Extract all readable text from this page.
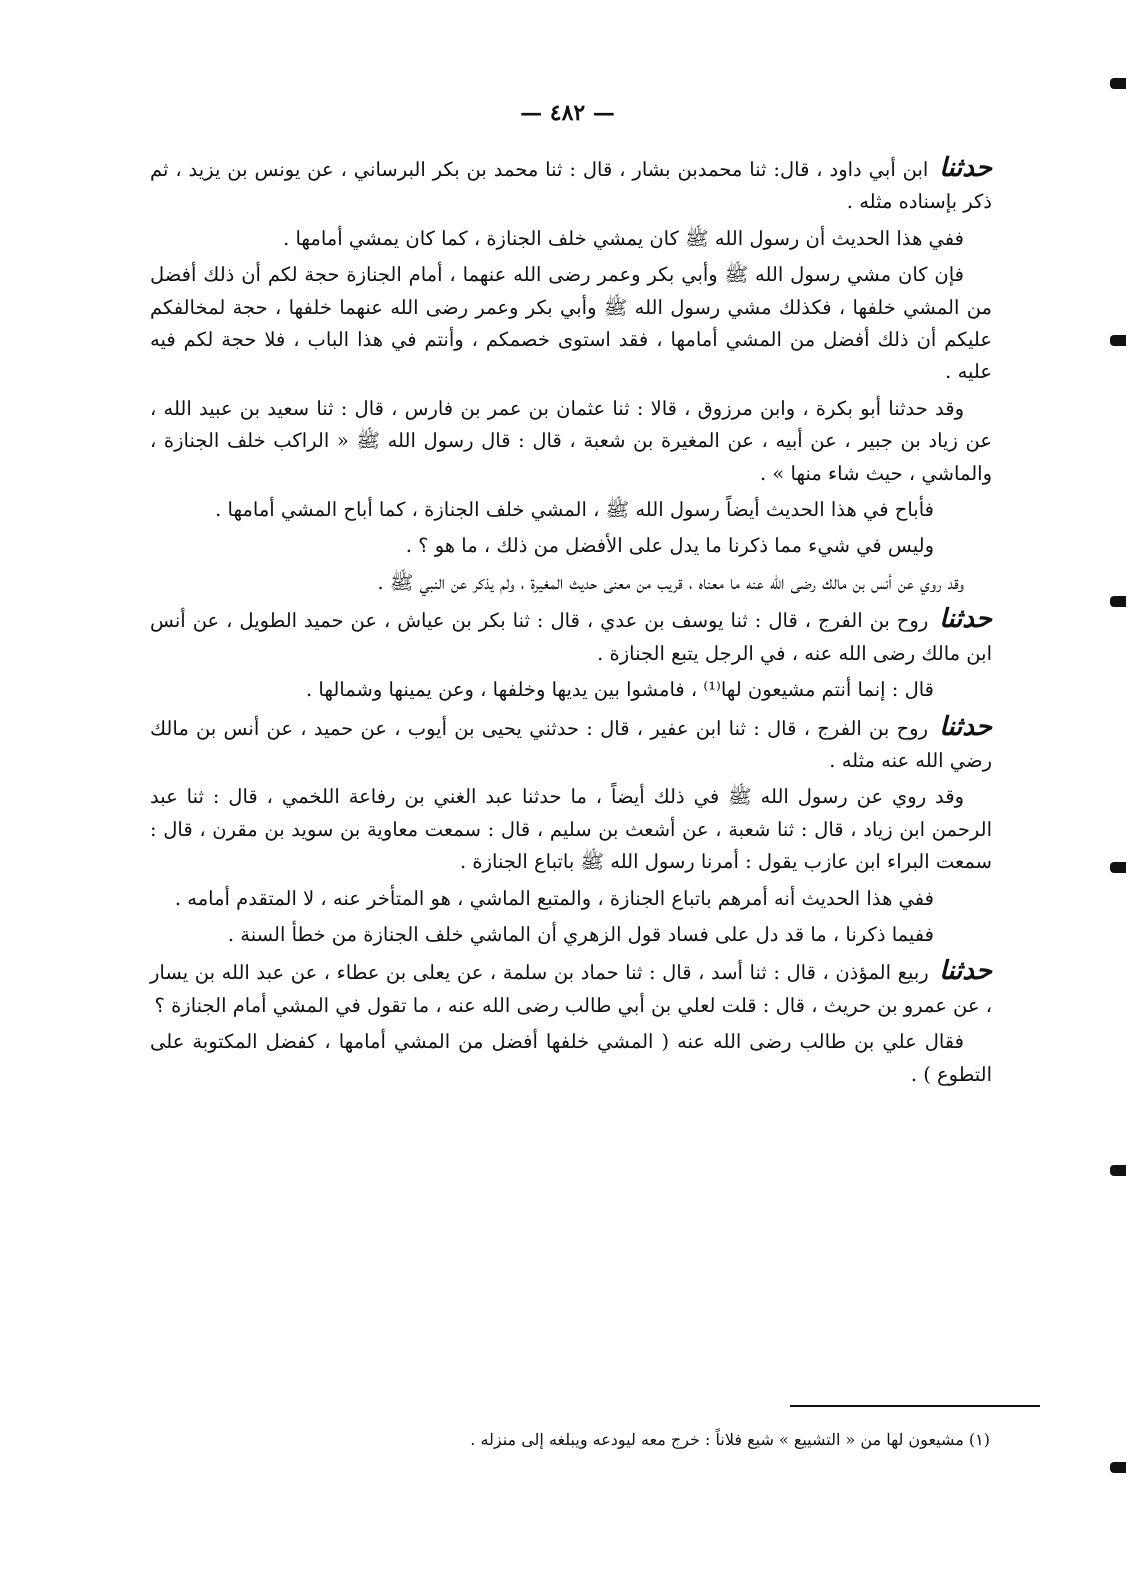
— ٤٨٢ —

حدثنا ابن أبي داود ، قال: ثنا محمدبن بشار ، قال : ثنا محمد بن بكر البرساني ، عن يونس بن يزيد ، ثم ذكر بإسناده مثله .

ففي هذا الحديث أن رسول الله ﷺ كان يمشي خلف الجنازة ، كما كان يمشي أمامها .

فإن كان مشي رسول الله ﷺ وأبي بكر وعمر رضى الله عنهما ، أمام الجنازة حجة لكم أن ذلك أفضل من المشي خلفها ، فكذلك مشي رسول الله ﷺ وأبي بكر وعمر رضى الله عنهما خلفها ، حجة لمخالفكم عليكم أن ذلك أفضل من المشي أمامها ، فقد استوى خصمكم ، وأنتم في هذا الباب ، فلا حجة لكم فيه عليه .

وقد حدثنا أبو بكرة ، وابن مرزوق ، قالا : ثنا عثمان بن عمر بن فارس ، قال : ثنا سعيد بن عبيد الله ، عن زياد بن جبير ، عن أبيه ، عن المغيرة بن شعبة ، قال : قال رسول الله ﷺ « الراكب خلف الجنازة ، والماشي ، حيث شاء منها » .

فأباح في هذا الحديث أيضاً رسول الله ﷺ ، المشي خلف الجنازة ، كما أباح المشي أمامها .

وليس في شيء مما ذكرنا ما يدل على الأفضل من ذلك ، ما هو ؟ .

وقد روي عن أنس بن مالك رضى الله عنه ما معناه ، قريب من معنى حديث المغيرة ، ولم يذكر عن النبي ﷺ .

حدثنا روح بن الفرج ، قال : ثنا يوسف بن عدي ، قال : ثنا بكر بن عياش ، عن حميد الطويل ، عن أنس ابن مالك رضى الله عنه ، في الرجل يتبع الجنازة .

قال : إنما أنتم مشيعون لها⁽¹⁾ ، فامشوا بين يديها وخلفها ، وعن يمينها وشمالها .

حدثنا روح بن الفرج ، قال : ثنا ابن عفير ، قال : حدثني يحيى بن أيوب ، عن حميد ، عن أنس بن مالك رضي الله عنه مثله .

وقد روي عن رسول الله ﷺ في ذلك أيضاً ، ما حدثنا عبد الغني بن رفاعة اللخمي ، قال : ثنا عبد الرحمن ابن زياد ، قال : ثنا شعبة ، عن أشعث بن سليم ، قال : سمعت معاوية بن سويد بن مقرن ، قال : سمعت البراء ابن عازب يقول : أمرنا رسول الله ﷺ باتباع الجنازة .

ففي هذا الحديث أنه أمرهم باتباع الجنازة ، والمتبع الماشي ، هو المتأخر عنه ، لا المتقدم أمامه .

ففيما ذكرنا ، ما قد دل على فساد قول الزهري أن الماشي خلف الجنازة من خطأ السنة .

حدثنا ربيع المؤذن ، قال : ثنا أسد ، قال : ثنا حماد بن سلمة ، عن يعلى بن عطاء ، عن عبد الله بن يسار ، عن عمرو بن حريث ، قال : قلت لعلي بن أبي طالب رضى الله عنه ، ما تقول في المشي أمام الجنازة ؟

فقال علي بن طالب رضى الله عنه ( المشي خلفها أفضل من المشي أمامها ، كفضل المكتوبة على التطوع ) .

(١) مشيعون لها من « التشييع » شيع فلاناً : خرج معه ليودعه ويبلغه إلى منزله .
